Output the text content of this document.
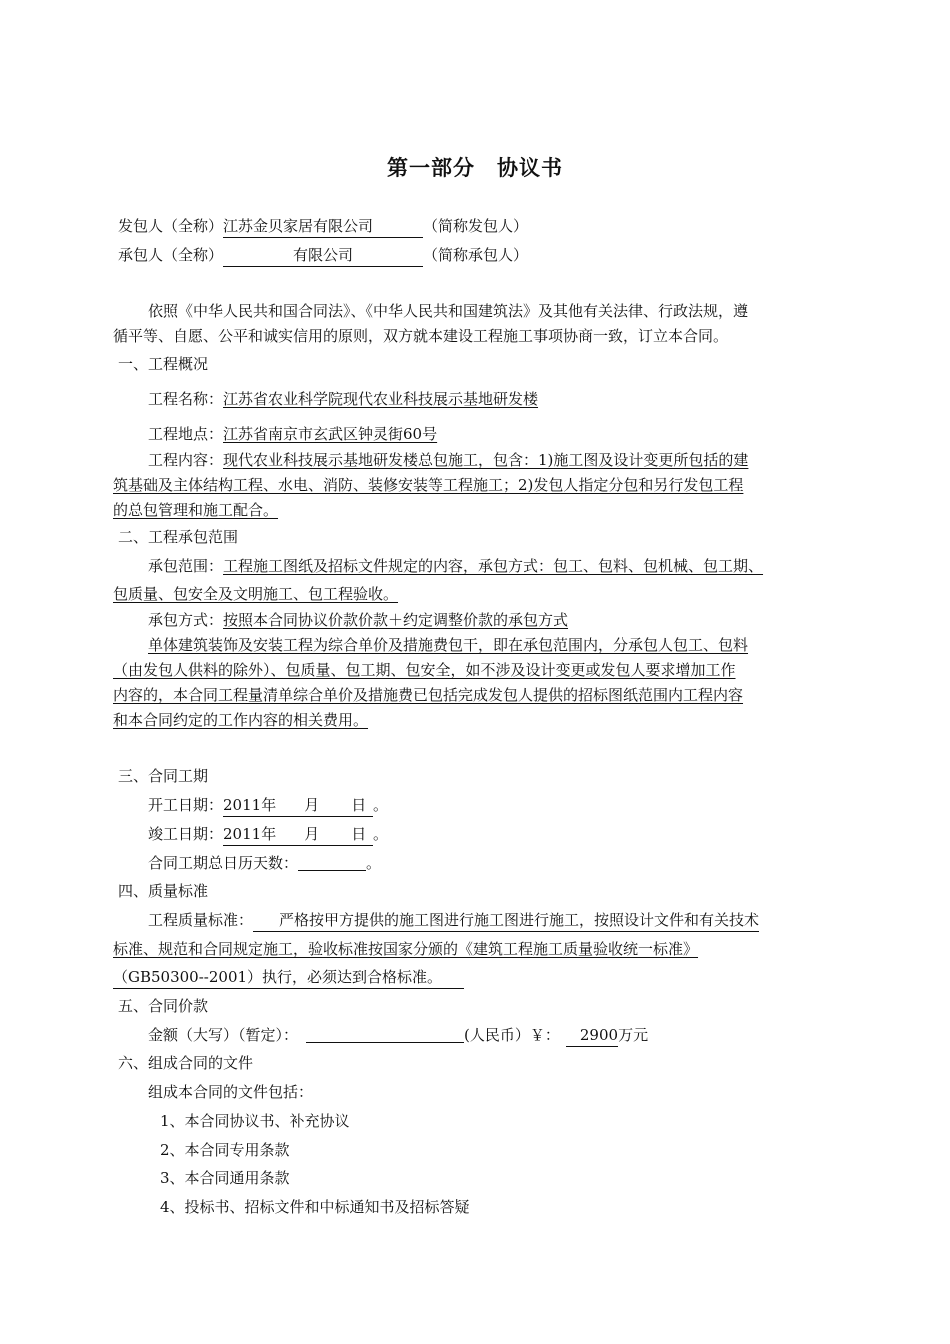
第一部分　协议书
发包人（全称）江苏金贝家居有限公司	（简称发包人）
承包人（全称）	有限公司	（简称承包人）
依照《中华人民共和国合同法》、《中华人民共和国建筑法》及其他有关法律、行政法规，遵
循平等、自愿、公平和诚实信用的原则，双方就本建设工程施工事项协商一致，订立本合同。
一、工程概况
工程名称：江苏省农业科学院现代农业科技展示基地研发楼
工程地点：江苏省南京市玄武区钟灵街60号
工程内容：现代农业科技展示基地研发楼总包施工，包含：1)施工图及设计变更所包括的建
筑基础及主体结构工程、水电、消防、装修安装等工程施工；2)发包人指定分包和另行发包工程
的总包管理和施工配合。
二、工程承包范围
承包范围：工程施工图纸及招标文件规定的内容，承包方式：包工、包料、包机械、包工期、
包质量、包安全及文明施工、包工程验收。
承包方式：按照本合同协议价款价款＋约定调整价款的承包方式
单体建筑装饰及安装工程为综合单价及措施费包干，即在承包范围内，分承包人包工、包料
（由发包人供料的除外）、包质量、包工期、包安全，如不涉及设计变更或发包人要求增加工作
内容的，本合同工程量清单综合单价及措施费已包括完成发包人提供的招标图纸范围内工程内容
和本合同约定的工作内容的相关费用。
三、合同工期
开工日期：2011年 月 日 。
竣工日期：2011年 月 日 。
合同工期总日历天数：	。
四、质量标准
工程质量标准： 严格按甲方提供的施工图进行施工图进行施工，按照设计文件和有关技术
标准、规范和合同规定施工，验收标准按国家分颁的《建筑工程施工质量验收统一标准》
（GB50300--2001）执行，必须达到合格标准。
五、合同价款
金额（大写）（暂定）：	(人民币）￥： 2900万元
六、组成合同的文件
组成本合同的文件包括：
1、本合同协议书、补充协议
2、本合同专用条款
3、本合同通用条款
4、投标书、招标文件和中标通知书及招标答疑
